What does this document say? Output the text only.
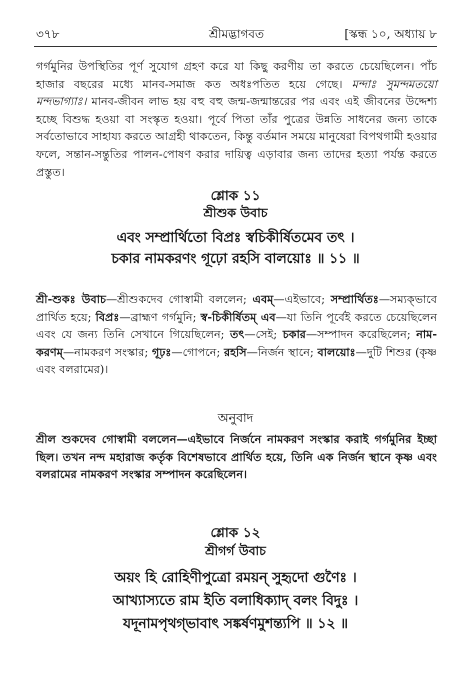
৩৭৮	শ্রীমদ্ভাগবত	[স্কন্ধ ১০, অধ্যায় ৮
গর্গমুনির উপস্থিতির পূর্ণ সুযোগ গ্রহণ করে যা কিছু করণীয় তা করতে চেয়েছিলেন। পাঁচ হাজার বছরের মধ্যে মানব-সমাজ কত অধঃপতিত হয়ে গেছে। মন্দাঃ সুমন্দমতয়ো মন্দভাগ্যাঃ। মানব-জীবন লাভ হয় বহু বহু জন্ম-জন্মান্তরের পর এবং এই জীবনের উদ্দেশ্য হচ্ছে বিশুদ্ধ হওয়া বা সংস্কৃত হওয়া। পূর্বে পিতা তাঁর পুত্রের উন্নতি সাধনের জন্য তাকে সর্বতোভাবে সাহায্য করতে আগ্রহী থাকতেন, কিন্তু বর্তমান সময়ে মানুষেরা বিপথগামী হওয়ার ফলে, সন্তান-সন্তুতির পালন-পোষণ করার দায়িত্ব এড়াবার জন্য তাদের হত্যা পর্যন্ত করতে প্রস্তুত।
শ্লোক ১১
শ্রীশুক উবাচ
এবং সম্প্রার্থিতো বিপ্রঃ স্বচিকীর্ষিতমেব তৎ ।
চকার নামকরণং গূঢ়ো রহসি বালয়োঃ ॥ ১১ ॥
শ্রী-শুকঃ উবাচ—শ্রীশুকদেব গোস্বামী বললেন; এবম্—এইভাবে; সম্প্রার্থিতঃ—সম্যক্‌ভাবে প্রার্থিত হয়ে; বিপ্রঃ—ব্রাহ্মণ গর্গমুনি; স্ব-চিকীর্ষিতম্ এব—যা তিনি পূর্বেই করতে চেয়েছিলেন এবং যে জন্য তিনি সেখানে গিয়েছিলেন; তৎ—সেই; চকার—সম্পাদন করেছিলেন; নাম-করণম্—নামকরণ সংস্কার; গূঢ়ঃ—গোপনে; রহসি—নির্জন স্থানে; বালয়োঃ—দুটি শিশুর (কৃষ্ণ এবং বলরামের)।
অনুবাদ
শ্রীল শুকদেব গোস্বামী বললেন—এইভাবে নির্জনে নামকরণ সংস্কার করাই গর্গমুনির ইচ্ছা ছিল। তখন নন্দ মহারাজ কর্তৃক বিশেষভাবে প্রার্থিত হয়ে, তিনি এক নির্জন স্থানে কৃষ্ণ এবং বলরামের নামকরণ সংস্কার সম্পাদন করেছিলেন।
শ্লোক ১২
শ্রীগর্গ উবাচ
অয়ং হি রোহিণীপুত্রো রময়ন্ সুহৃদো গুণৈঃ ।
আখ্যাস্যতে রাম ইতি বলাধিক্যাদ্ বলং বিদুঃ ।
যদূনামপৃথগ্‌ভাবাৎ সঙ্কর্ষণমুশন্ত্যপি ॥ ১২ ॥
